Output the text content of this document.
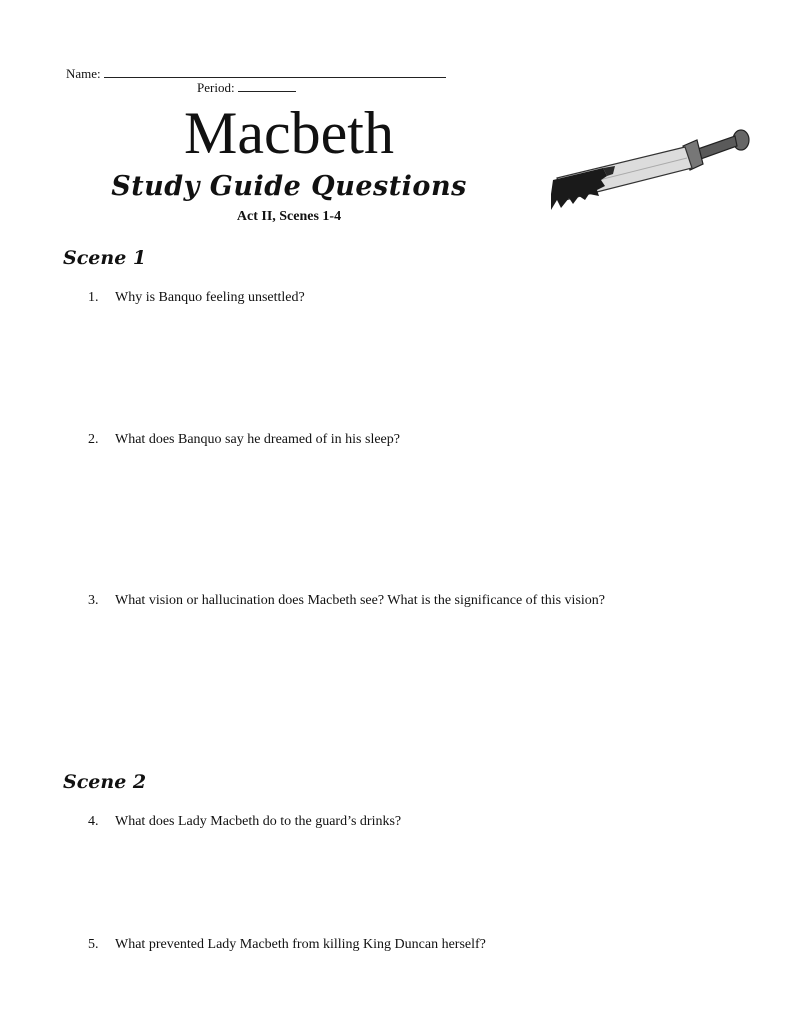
Name:
Period:
Macbeth
Study Guide Questions
Act II, Scenes 1-4
Scene 1
1. Why is Banquo feeling unsettled?
2. What does Banquo say he dreamed of in his sleep?
3. What vision or hallucination does Macbeth see? What is the significance of this vision?
Scene 2
4. What does Lady Macbeth do to the guard’s drinks?
5. What prevented Lady Macbeth from killing King Duncan herself?
